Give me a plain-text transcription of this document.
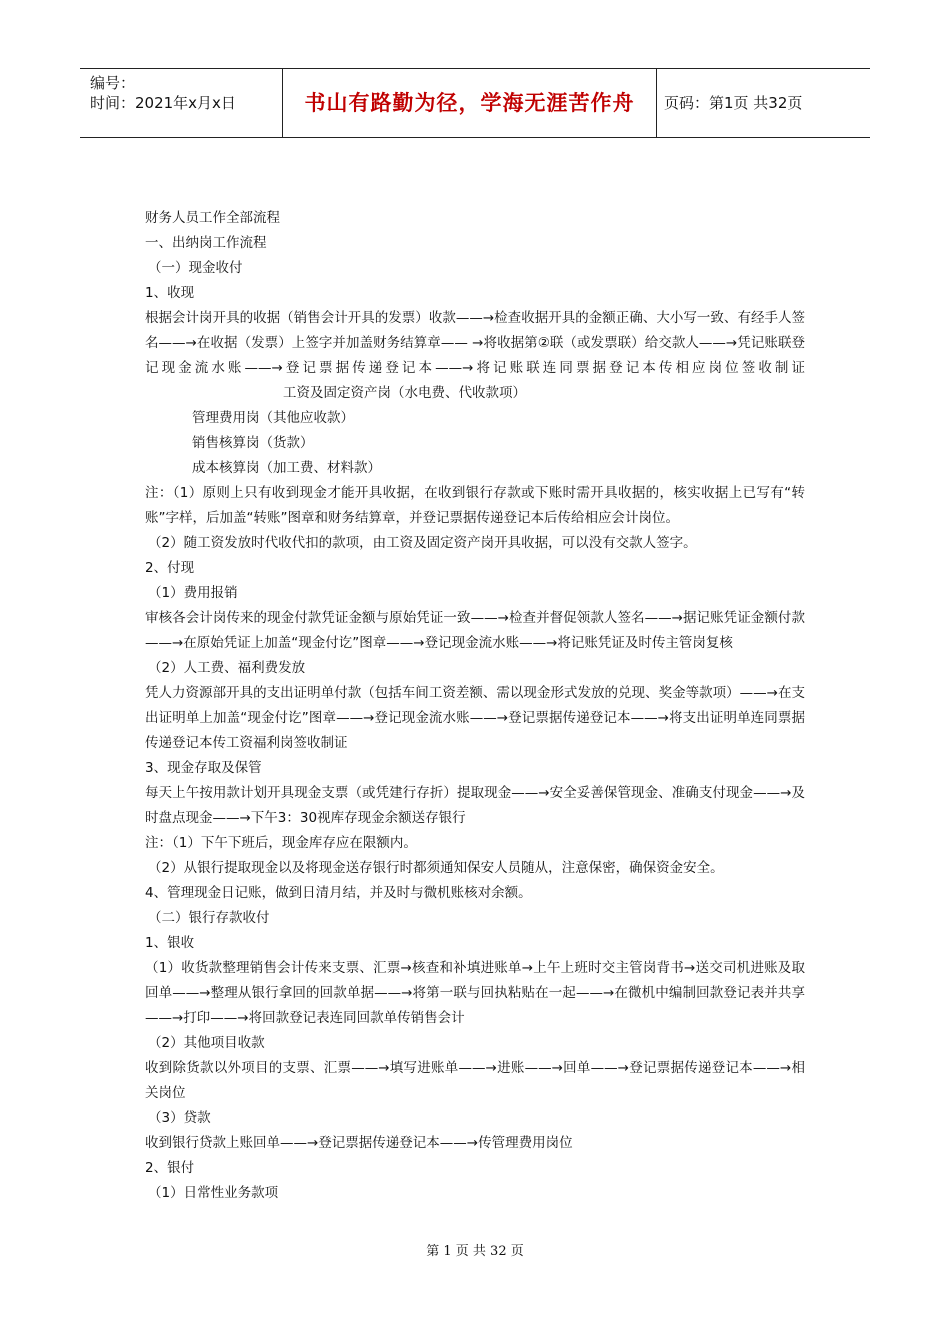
编号：
时间：2021年x月x日	书山有路勤为径，学海无涯苦作舟	页码：第1页 共32页

财务人员工作全部流程

一、出纳岗工作流程

（一）现金收付

1、收现

根据会计岗开具的收据（销售会计开具的发票）收款——→检查收据开具的金额正确、大小写一致、有经手人签名——→在收据（发票）上签字并加盖财务结算章—— →将收据第②联（或发票联）给交款人——→凭记账联登记现金流水账——→登记票据传递登记本——→将记账联连同票据登记本传相应岗位签收制证工资及固定资产岗（水电费、代收款项）

管理费用岗（其他应收款）

销售核算岗（货款）

成本核算岗（加工费、材料款）

注：（1）原则上只有收到现金才能开具收据，在收到银行存款或下账时需开具收据的，核实收据上已写有“转账”字样，后加盖“转账”图章和财务结算章，并登记票据传递登记本后传给相应会计岗位。

（2）随工资发放时代收代扣的款项，由工资及固定资产岗开具收据，可以没有交款人签字。

2、付现

（1）费用报销

审核各会计岗传来的现金付款凭证金额与原始凭证一致——→检查并督促领款人签名——→据记账凭证金额付款——→在原始凭证上加盖“现金付讫”图章——→登记现金流水账——→将记账凭证及时传主管岗复核

（2）人工费、福利费发放

凭人力资源部开具的支出证明单付款（包括车间工资差额、需以现金形式发放的兑现、奖金等款项）——→在支出证明单上加盖“现金付讫”图章——→登记现金流水账——→登记票据传递登记本——→将支出证明单连同票据传递登记本传工资福利岗签收制证

3、现金存取及保管

每天上午按用款计划开具现金支票（或凭建行存折）提取现金——→安全妥善保管现金、准确支付现金——→及时盘点现金——→下午3：30视库存现金余额送存银行

注：（1）下午下班后，现金库存应在限额内。

（2）从银行提取现金以及将现金送存银行时都须通知保安人员随从，注意保密，确保资金安全。

4、管理现金日记账，做到日清月结，并及时与微机账核对余额。

（二）银行存款收付

1、银收

（1）收货款整理销售会计传来支票、汇票→核查和补填进账单→上午上班时交主管岗背书→送交司机进账及取回单——→整理从银行拿回的回款单据——→将第一联与回执粘贴在一起——→在微机中编制回款登记表并共享——→打印——→将回款登记表连同回款单传销售会计

（2）其他项目收款

收到除货款以外项目的支票、汇票——→填写进账单——→进账——→回单——→登记票据传递登记本——→相关岗位

（3）贷款

收到银行贷款上账回单——→登记票据传递登记本——→传管理费用岗位

2、银付

（1）日常性业务款项

第 1 页 共 32 页
